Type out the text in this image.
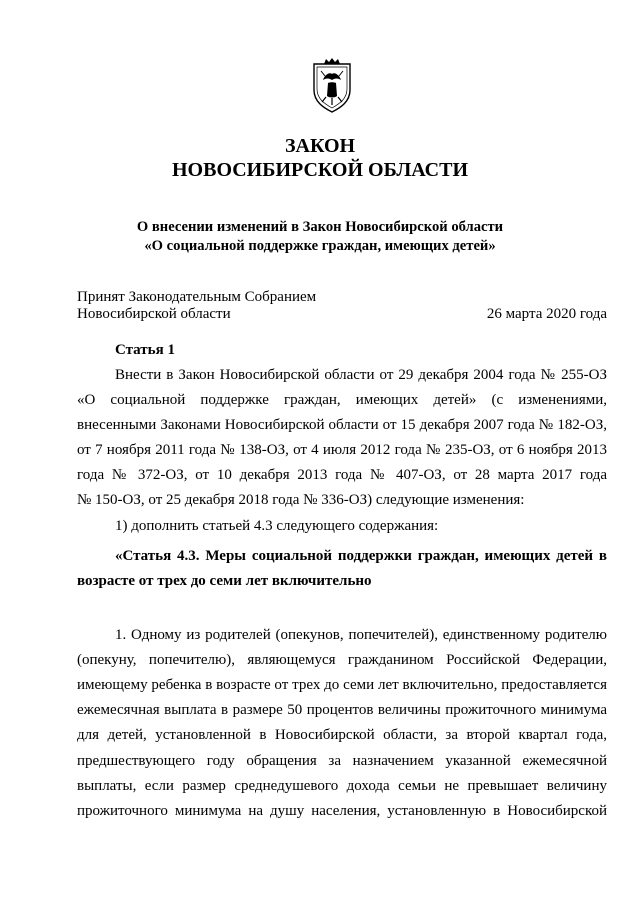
ЗАКОН
НОВОСИБИРСКОЙ ОБЛАСТИ
О внесении изменений в Закон Новосибирской области
«О социальной поддержке граждан, имеющих детей»
Принят Законодательным Собранием
Новосибирской области	26 марта 2020 года
Статья 1
Внести в Закон Новосибирской области от 29 декабря 2004 года № 255-ОЗ
«О социальной поддержке граждан, имеющих детей» (с изменениями,
внесенными Законами Новосибирской области от 15 декабря 2007 года № 182-ОЗ,
от 7 ноября 2011 года № 138-ОЗ, от 4 июля 2012 года № 235-ОЗ, от 6 ноября 2013
года № 372-ОЗ, от 10 декабря 2013 года № 407-ОЗ, от 28 марта 2017 года
№ 150-ОЗ, от 25 декабря 2018 года № 336-ОЗ) следующие изменения:
1) дополнить статьей 4.3 следующего содержания:
«Статья 4.3. Меры социальной поддержки граждан, имеющих детей в
возрасте от трех до семи лет включительно
1. Одному из родителей (опекунов, попечителей), единственному родителю
(опекуну, попечителю), являющемуся гражданином Российской Федерации,
имеющему ребенка в возрасте от трех до семи лет включительно, предоставляется
ежемесячная выплата в размере 50 процентов величины прожиточного минимума
для детей, установленной в Новосибирской области, за второй квартал года,
предшествующего году обращения за назначением указанной ежемесячной
выплаты, если размер среднедушевого дохода семьи не превышает величину
прожиточного минимума на душу населения, установленную в Новосибирской
